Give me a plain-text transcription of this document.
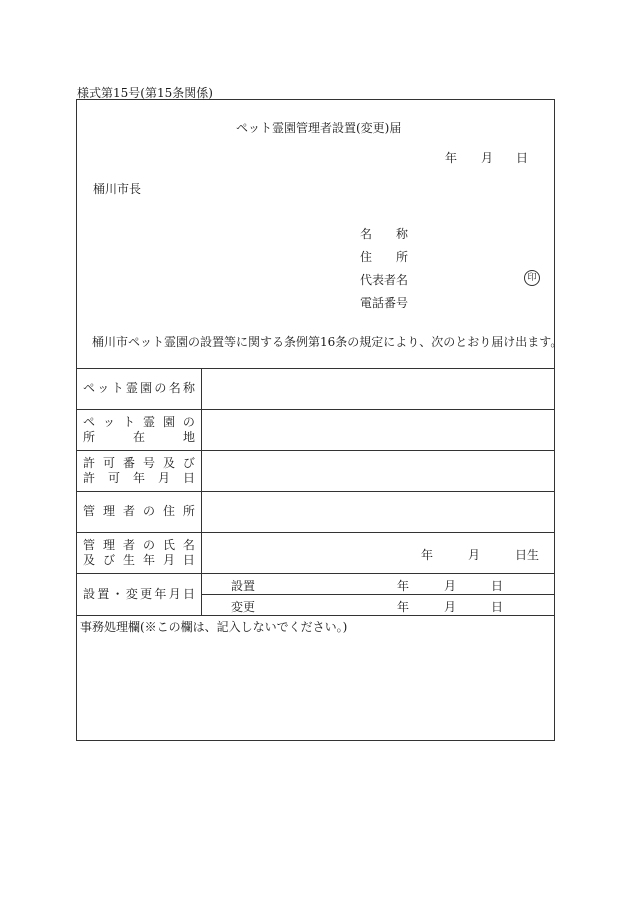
様式第15号(第15条関係)
ペット霊園管理者設置(変更)届
年 月 日
桶川市長
名 称
住 所
代表者名	印
電話番号
桶川市ペット霊園の設置等に関する条例第16条の規定により、次のとおり届け出ます。
ペ ッ ト 霊 園 の 名 称
ペ ッ ト 霊 園 の
所	在	地
許 可 番 号 及 び
許 可 年 月 日
管 理 者 の 住 所
管 理 者 の 氏 名
及 び 生 年 月 日	年	月	日生
設 置 ・ 変 更 年 月 日
設置	年	月	日
変更	年	月	日
事務処理欄(※この欄は、記入しないでください。)
